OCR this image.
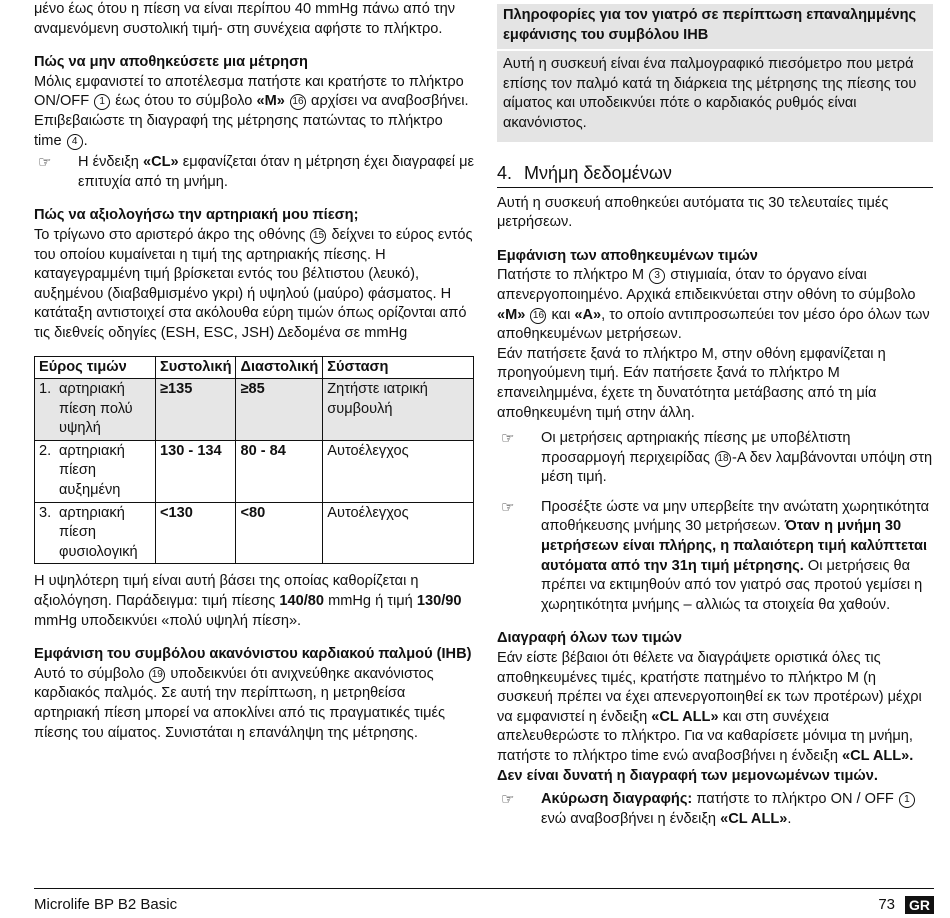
μένο έως ότου η πίεση να είναι περίπου 40 mmHg πάνω από την αναμενόμενη συστολική τιμή- στη συνέχεια αφήστε το πλήκτρο.

Πώς να μην αποθηκεύσετε μια μέτρηση

Μόλις εμφανιστεί το αποτέλεσμα πατήστε και κρατήστε το πλήκτρο ON/OFF 1 έως ότου το σύμβολο «M» 16 αρχίσει να αναβοσβήνει. Επιβεβαιώστε τη διαγραφή της μέτρησης πατώντας το πλήκτρο time 4 .

☞	Η ένδειξη «CL» εμφανίζεται όταν η μέτρηση έχει διαγραφεί με επιτυχία από τη μνήμη.

Πώς να αξιολογήσω την αρτηριακή μου πίεση;

Το τρίγωνο στο αριστερό άκρο της οθόνης 15 δείχνει το εύρος εντός του οποίου κυμαίνεται η τιμή της αρτηριακής πίεσης. Η καταγεγραμμένη τιμή βρίσκεται εντός του βέλτιστου (λευκό), αυξημένου (διαβαθμισμένο γκρι) ή υψηλού (μαύρο) φάσματος. Η κατάταξη αντιστοιχεί στα ακόλουθα εύρη τιμών όπως ορίζονται από τις διεθνείς οδηγίες (ESH, ESC, JSH) Δεδομένα σε mmHg

Εύρος τιμών		Συστολική	Διαστολική	Σύσταση
1.	αρτηριακή πίεση πολύ υψηλή	≥135	≥85	Ζητήστε ιατρική συμβουλή
2.	αρτηριακή πίεση αυξημένη	130 - 134	80 - 84	Αυτοέλεγχος
3.	αρτηριακή πίεση φυσιολογική	<130	<80	Αυτοέλεγχος

Η υψηλότερη τιμή είναι αυτή βάσει της οποίας καθορίζεται η αξιολόγηση. Παράδειγμα: τιμή πίεσης 140/80 mmHg ή τιμή 130/90 mmHg υποδεικνύει «πολύ υψηλή πίεση».

Εμφάνιση του συμβόλου ακανόνιστου καρδιακού παλμού (IHB)

Αυτό το σύμβολο 19 υποδεικνύει ότι ανιχνεύθηκε ακανόνιστος καρδιακός παλμός. Σε αυτή την περίπτωση, η μετρηθείσα αρτηριακή πίεση μπορεί να αποκλίνει από τις πραγματικές τιμές πίεσης του αίματος. Συνιστάται η επανάληψη της μέτρησης.

Πληροφορίες για τον γιατρό σε περίπτωση επαναλημμένης εμφάνισης του συμβόλου IHB
Αυτή η συσκευή είναι ένα παλμογραφικό πιεσόμετρο που μετρά επίσης τον παλμό κατά τη διάρκεια της μέτρησης της πίεσης του αίματος και υποδεικνύει πότε ο καρδιακός ρυθμός είναι ακανόνιστος.
4. Μνήμη δεδομένων

Αυτή η συσκευή αποθηκεύει αυτόματα τις 30 τελευταίες τιμές μετρήσεων.

Εμφάνιση των αποθηκευμένων τιμών

Πατήστε το πλήκτρο M 3 στιγμιαία, όταν το όργανο είναι απενεργοποιημένο. Αρχικά επιδεικνύεται στην οθόνη το σύμβολο «M» 16 και «A», το οποίο αντιπροσωπεύει τον μέσο όρο όλων των αποθηκευμένων μετρήσεων.

Εάν πατήσετε ξανά το πλήκτρο M, στην οθόνη εμφανίζεται η προηγούμενη τιμή. Εάν πατήσετε ξανά το πλήκτρο M επανειλημμένα, έχετε τη δυνατότητα μετάβασης από τη μία αποθηκευμένη τιμή στην άλλη.

☞	Οι μετρήσεις αρτηριακής πίεσης με υποβέλτιστη προσαρμογή περιχειρίδας 18 -A δεν λαμβάνονται υπόψη στη μέση τιμή.
☞	Προσέξτε ώστε να μην υπερβείτε την ανώτατη χωρητικότητα αποθήκευσης μνήμης 30 μετρήσεων. Όταν η μνήμη 30 μετρήσεων είναι πλήρης, η παλαιότερη τιμή καλύπτεται αυτόματα από την 31η τιμή μέτρησης. Οι μετρήσεις θα πρέπει να εκτιμηθούν από τον γιατρό σας προτού γεμίσει η χωρητικότητα μνήμης – αλλιώς τα στοιχεία θα χαθούν.

Διαγραφή όλων των τιμών

Εάν είστε βέβαιοι ότι θέλετε να διαγράψετε οριστικά όλες τις αποθηκευμένες τιμές, κρατήστε πατημένο το πλήκτρο M (η συσκευή πρέπει να έχει απενεργοποιηθεί εκ των προτέρων) μέχρι να εμφανιστεί η ένδειξη «CL ALL» και στη συνέχεια απελευθερώστε το πλήκτρο. Για να καθαρίσετε μόνιμα τη μνήμη, πατήστε το πλήκτρο time ενώ αναβοσβήνει η ένδειξη «CL ALL». Δεν είναι δυνατή η διαγραφή των μεμονωμένων τιμών.

☞	Ακύρωση διαγραφής: πατήστε το πλήκτρο ON / OFF 1 ενώ αναβοσβήνει η ένδειξη «CL ALL».
Microlife BP B2 Basic	73 GR
